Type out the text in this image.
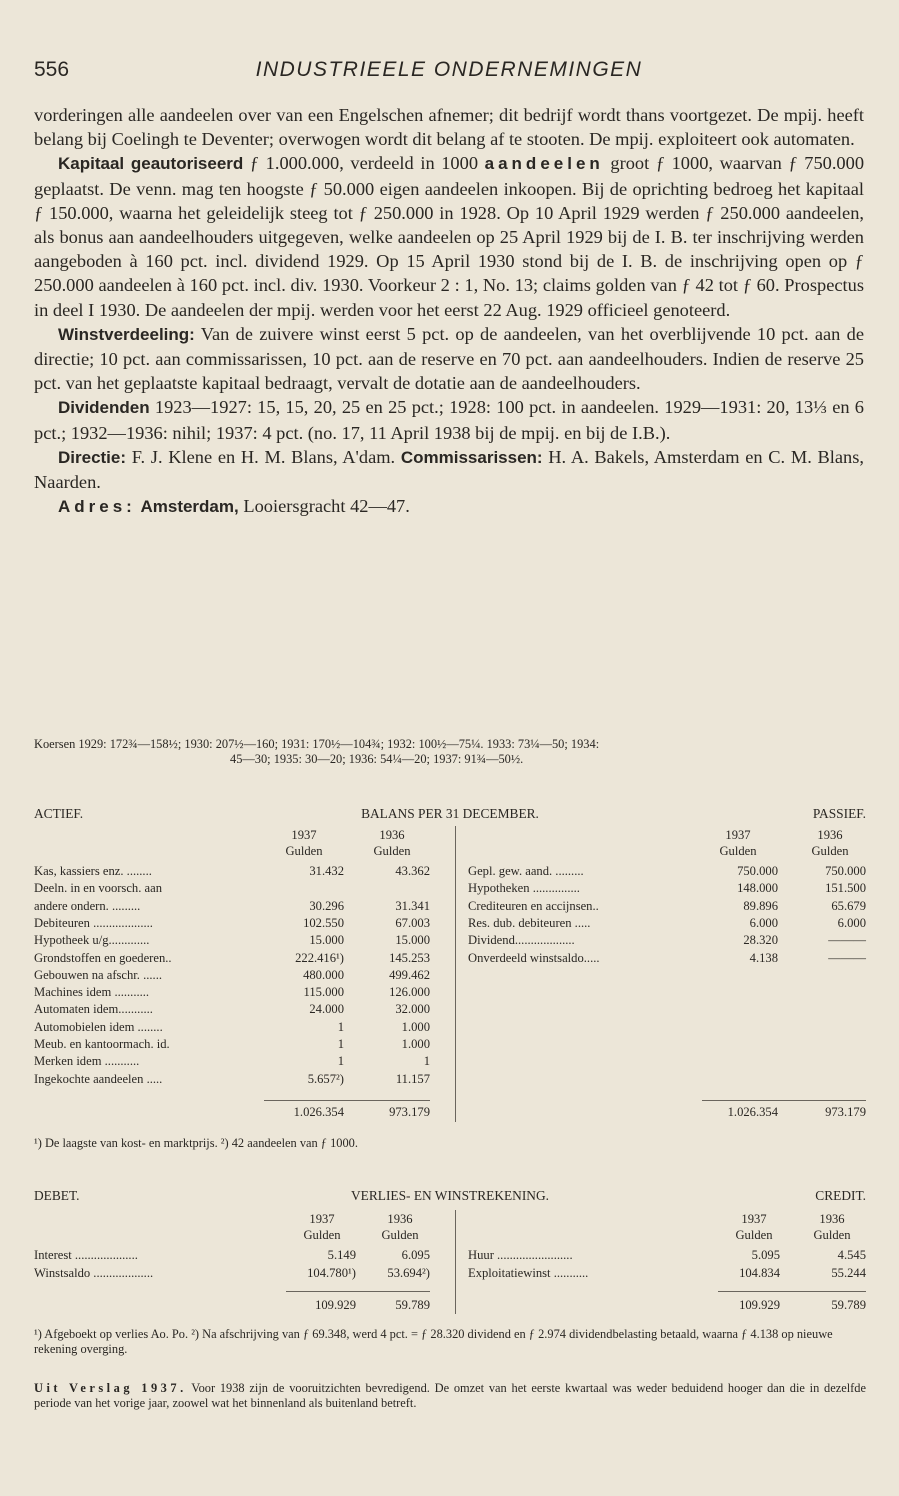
556	INDUSTRIEELE ONDERNEMINGEN

vorderingen alle aandeelen over van een Engelschen afnemer; dit bedrijf wordt thans voortgezet. De mpij. heeft belang bij Coelingh te Deventer; overwogen wordt dit belang af te stooten. De mpij. exploiteert ook automaten.

Kapitaal geautoriseerd ƒ 1.000.000, verdeeld in 1000 aandeelen groot ƒ 1000, waarvan ƒ 750.000 geplaatst. De venn. mag ten hoogste ƒ 50.000 eigen aandeelen inkoopen. Bij de oprichting bedroeg het kapitaal ƒ 150.000, waarna het geleidelijk steeg tot ƒ 250.000 in 1928. Op 10 April 1929 werden ƒ 250.000 aandeelen, als bonus aan aandeelhouders uitgegeven, welke aandeelen op 25 April 1929 bij de I. B. ter inschrijving werden aangeboden à 160 pct. incl. dividend 1929. Op 15 April 1930 stond bij de I. B. de inschrijving open op ƒ 250.000 aandeelen à 160 pct. incl. div. 1930. Voorkeur 2 : 1, No. 13; claims golden van ƒ 42 tot ƒ 60. Prospectus in deel I 1930. De aandeelen der mpij. werden voor het eerst 22 Aug. 1929 officieel genoteerd.

Winstverdeeling: Van de zuivere winst eerst 5 pct. op de aandeelen, van het overblijvende 10 pct. aan de directie; 10 pct. aan commissarissen, 10 pct. aan de reserve en 70 pct. aan aandeelhouders. Indien de reserve 25 pct. van het geplaatste kapitaal bedraagt, vervalt de dotatie aan de aandeelhouders.

Dividenden 1923—1927: 15, 15, 20, 25 en 25 pct.; 1928: 100 pct. in aandeelen. 1929—1931: 20, 13⅓ en 6 pct.; 1932—1936: nihil; 1937: 4 pct. (no. 17, 11 April 1938 bij de mpij. en bij de I.B.).

Directie: F. J. Klene en H. M. Blans, A'dam. Commissarissen: H. A. Bakels, Amsterdam en C. M. Blans, Naarden.

Adres: Amsterdam, Looiersgracht 42—47.

Koersen 1929: 172¾—158½; 1930: 207½—160; 1931: 170½—104¾; 1932: 100½—75¼. 1933: 73¼—50; 1934:
45—30; 1935: 30—20; 1936: 54¼—20; 1937: 91¾—50½.
ACTIEF.	BALANS PER 31 DECEMBER.	PASSIEF.
1937	1936	1937	1936
Gulden	Gulden	Gulden	Gulden
Kas, kassiers enz. ........	31.432	43.362
Deeln. in en voorsch. aan
andere ondern. .........	30.296	31.341
Debiteuren ...................	102.550	67.003
Hypotheek u/g.............	15.000	15.000
Grondstoffen en goederen..	222.416¹)	145.253
Gebouwen na afschr. ......	480.000	499.462
Machines idem ...........	115.000	126.000
Automaten idem...........	24.000	32.000
Automobielen idem ........	1	1.000
Meub. en kantoormach. id.	1	1.000
Merken idem ...........	1	1
Ingekochte aandeelen .....	5.657²)	11.157
Gepl. gew. aand. .........	750.000	750.000
Hypotheken ...............	148.000	151.500
Crediteuren en accijnsen..	89.896	65.679
Res. dub. debiteuren .....	6.000	6.000
Dividend...................	28.320	———
Onverdeeld winstsaldo.....	4.138	———
1.026.354	973.179	1.026.354	973.179
¹) De laagste van kost- en marktprijs. ²) 42 aandeelen van ƒ 1000.
DEBET.	VERLIES- EN WINSTREKENING.	CREDIT.
1937	1936	1937	1936
Gulden	Gulden	Gulden	Gulden
Interest ....................	5.149	6.095
Winstsaldo ...................	104.780¹)	53.694²)
Huur ........................	5.095	4.545
Exploitatiewinst ...........	104.834	55.244
109.929	59.789	109.929	59.789
¹) Afgeboekt op verlies Ao. Po. ²) Na afschrijving van ƒ 69.348, werd 4 pct. = ƒ 28.320 dividend en ƒ 2.974 dividendbelasting betaald, waarna ƒ 4.138 op nieuwe rekening overging.
Uit Verslag 1937. Voor 1938 zijn de vooruitzichten bevredigend. De omzet van het eerste kwartaal was weder beduidend hooger dan die in dezelfde periode van het vorige jaar, zoowel wat het binnenland als buitenland betreft.
